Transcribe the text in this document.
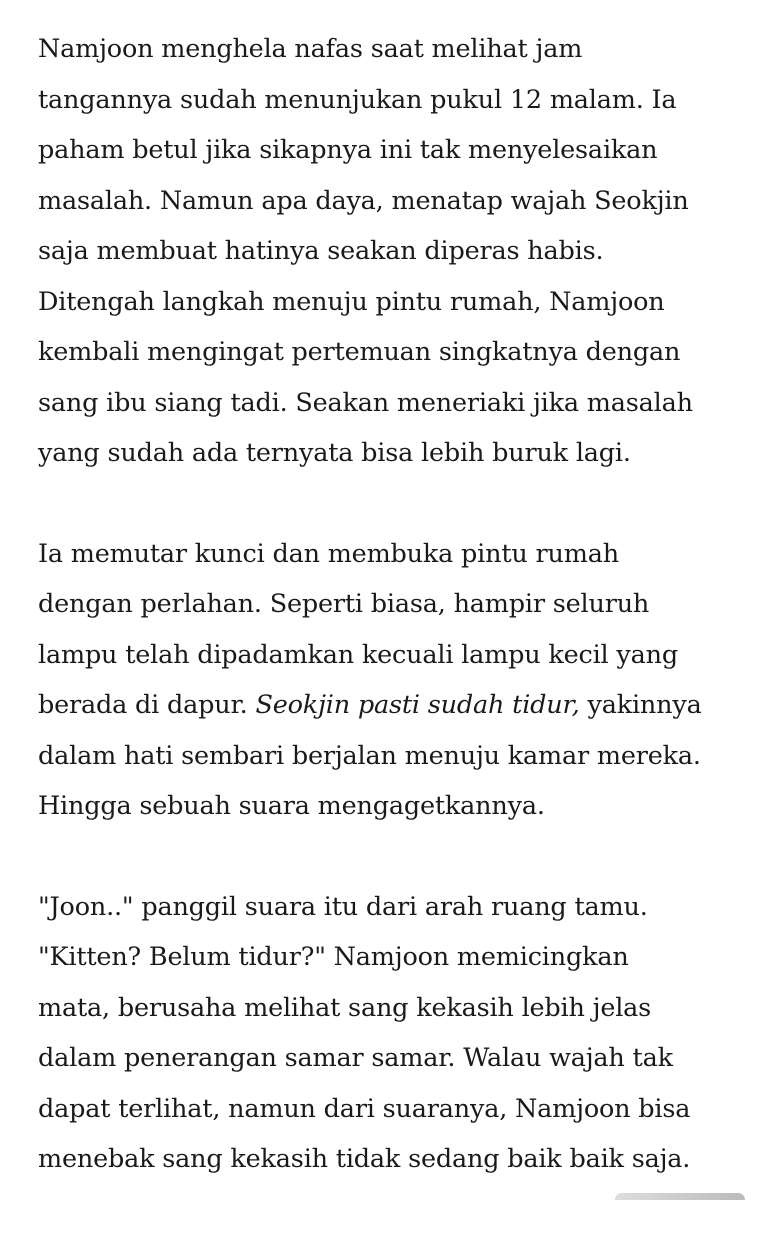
Namjoon menghela nafas saat melihat jam
tangannya sudah menunjukan pukul 12 malam. Ia
paham betul jika sikapnya ini tak menyelesaikan
masalah. Namun apa daya, menatap wajah Seokjin
saja membuat hatinya seakan diperas habis.
Ditengah langkah menuju pintu rumah, Namjoon
kembali mengingat pertemuan singkatnya dengan
sang ibu siang tadi. Seakan meneriaki jika masalah
yang sudah ada ternyata bisa lebih buruk lagi.

Ia memutar kunci dan membuka pintu rumah
dengan perlahan. Seperti biasa, hampir seluruh
lampu telah dipadamkan kecuali lampu kecil yang
berada di dapur. Seokjin pasti sudah tidur, yakinnya
dalam hati sembari berjalan menuju kamar mereka.
Hingga sebuah suara mengagetkannya.

"Joon.." panggil suara itu dari arah ruang tamu.
"Kitten? Belum tidur?" Namjoon memicingkan
mata, berusaha melihat sang kekasih lebih jelas
dalam penerangan samar samar. Walau wajah tak
dapat terlihat, namun dari suaranya, Namjoon bisa
menebak sang kekasih tidak sedang baik baik saja.
